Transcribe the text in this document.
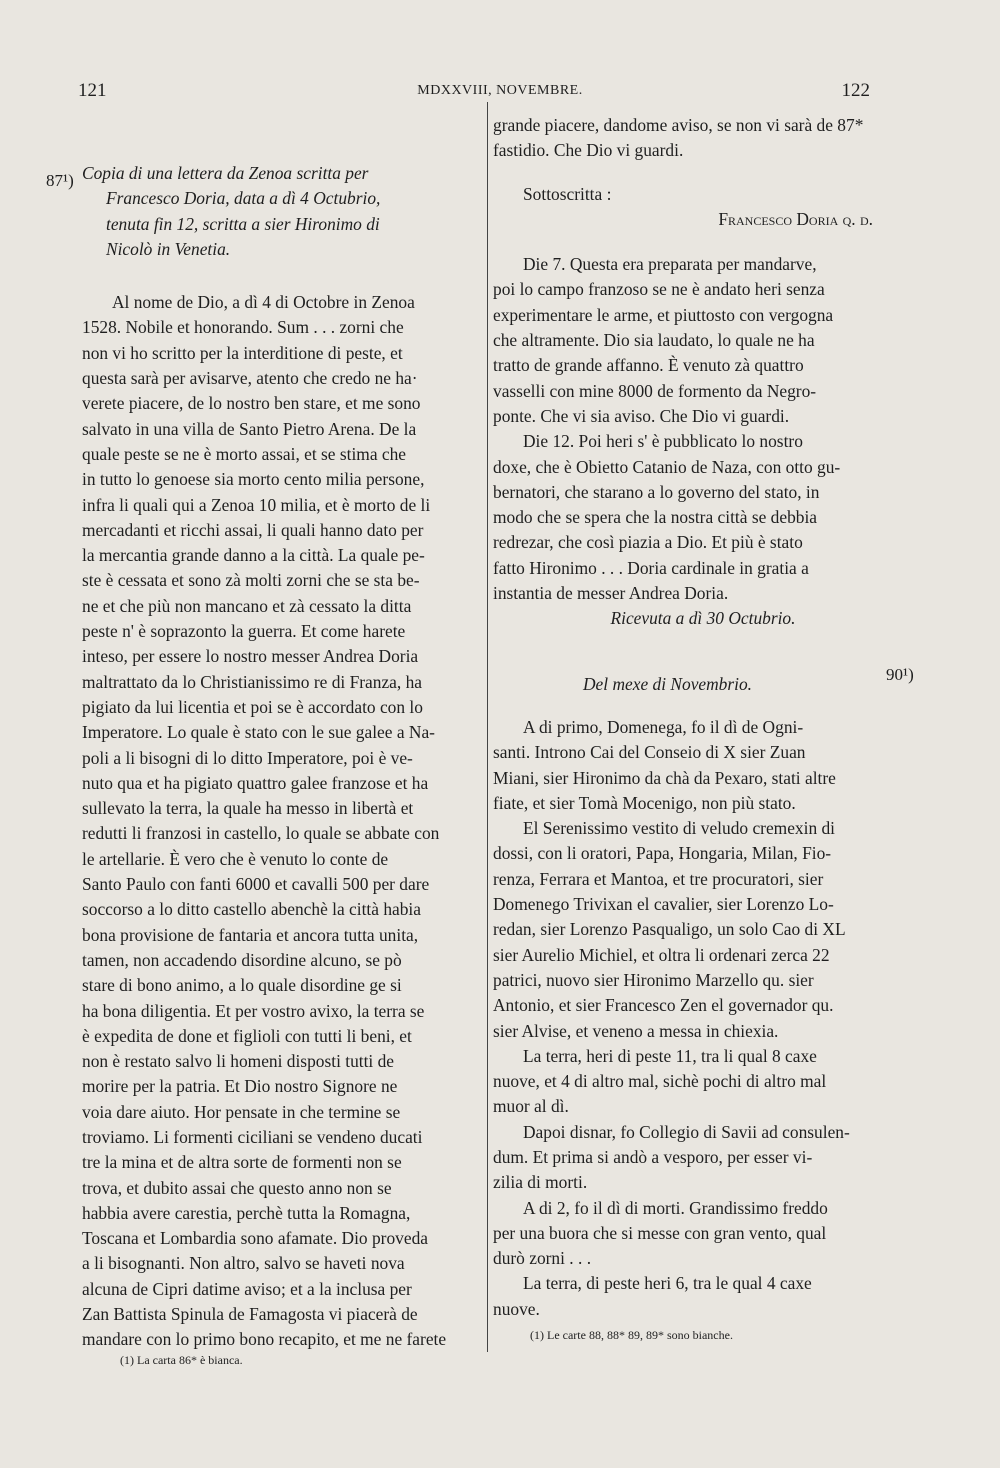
121	MDXXVIII, NOVEMBRE.	122
87¹)
90¹)

Copia di una lettera da Zenoa scritta per

Francesco Doria, data a dì 4 Octubrio,

tenuta fin 12, scritta a sier Hironimo di

Nicolò in Venetia.

Al nome de Dio, a dì 4 di Octobre in Zenoa

1528. Nobile et honorando. Sum . . . zorni che

non vi ho scritto per la interditione di peste, et

questa sarà per avisarve, atento che credo ne ha·

verete piacere, de lo nostro ben stare, et me sono

salvato in una villa de Santo Pietro Arena. De la

quale peste se ne è morto assai, et se stima che

in tutto lo genoese sia morto cento milia persone,

infra li quali qui a Zenoa 10 milia, et è morto de li

mercadanti et ricchi assai, li quali hanno dato per

la mercantia grande danno a la città. La quale pe-

ste è cessata et sono zà molti zorni che se sta be-

ne et che più non mancano et zà cessato la ditta

peste n' è soprazonto la guerra. Et come harete

inteso, per essere lo nostro messer Andrea Doria

maltrattato da lo Christianissimo re di Franza, ha

pigiato da lui licentia et poi se è accordato con lo

Imperatore. Lo quale è stato con le sue galee a Na-

poli a li bisogni di lo ditto Imperatore, poi è ve-

nuto qua et ha pigiato quattro galee franzose et ha

sullevato la terra, la quale ha messo in libertà et

redutti li franzosi in castello, lo quale se abbate con

le artellarie. È vero che è venuto lo conte de

Santo Paulo con fanti 6000 et cavalli 500 per dare

soccorso a lo ditto castello abenchè la città habia

bona provisione de fantaria et ancora tutta unita,

tamen, non accadendo disordine alcuno, se pò

stare di bono animo, a lo quale disordine ge si

ha bona diligentia. Et per vostro avixo, la terra se

è expedita de done et figlioli con tutti li beni, et

non è restato salvo li homeni disposti tutti de

morire per la patria. Et Dio nostro Signore ne

voia dare aiuto. Hor pensate in che termine se

troviamo. Li formenti ciciliani se vendeno ducati

tre la mina et de altra sorte de formenti non se

trova, et dubito assai che questo anno non se

habbia avere carestia, perchè tutta la Romagna,

Toscana et Lombardia sono afamate. Dio proveda

a li bisognanti. Non altro, salvo se haveti nova

alcuna de Cipri datime aviso; et a la inclusa per

Zan Battista Spinula de Famagosta vi piacerà de

mandare con lo primo bono recapito, et me ne farete

grande piacere, dandome aviso, se non vi sarà de 87*

fastidio. Che Dio vi guardi.

Sottoscritta :

Francesco Doria q. d.

Die 7. Questa era preparata per mandarve,

poi lo campo franzoso se ne è andato heri senza

experimentare le arme, et piuttosto con vergogna

che altramente. Dio sia laudato, lo quale ne ha

tratto de grande affanno. È venuto zà quattro

vasselli con mine 8000 de formento da Negro-

ponte. Che vi sia aviso. Che Dio vi guardi.

Die 12. Poi heri s' è pubblicato lo nostro

doxe, che è Obietto Catanio de Naza, con otto gu-

bernatori, che starano a lo governo del stato, in

modo che se spera che la nostra città se debbia

redrezar, che così piazia a Dio. Et più è stato

fatto Hironimo . . . Doria cardinale in gratia a

instantia de messer Andrea Doria.

Ricevuta a dì 30 Octubrio.

Del mexe di Novembrio.

A di primo, Domenega, fo il dì de Ogni-

santi. Introno Cai del Conseio di X sier Zuan

Miani, sier Hironimo da chà da Pexaro, stati altre

fiate, et sier Tomà Mocenigo, non più stato.

El Serenissimo vestito di veludo cremexin di

dossi, con li oratori, Papa, Hongaria, Milan, Fio-

renza, Ferrara et Mantoa, et tre procuratori, sier

Domenego Trivixan el cavalier, sier Lorenzo Lo-

redan, sier Lorenzo Pasqualigo, un solo Cao di XL

sier Aurelio Michiel, et oltra li ordenari zerca 22

patrici, nuovo sier Hironimo Marzello qu. sier

Antonio, et sier Francesco Zen el governador qu.

sier Alvise, et veneno a messa in chiexia.

La terra, heri di peste 11, tra li qual 8 caxe

nuove, et 4 di altro mal, sichè pochi di altro mal

muor al dì.

Dapoi disnar, fo Collegio di Savii ad consulen-

dum. Et prima si andò a vesporo, per esser vi-

zilia di morti.

A di 2, fo il dì di morti. Grandissimo freddo

per una buora che si messe con gran vento, qual

durò zorni . . .

La terra, di peste heri 6, tra le qual 4 caxe

nuove.

(1) La carta 86* è bianca.
(1) Le carte 88, 88* 89, 89* sono bianche.
